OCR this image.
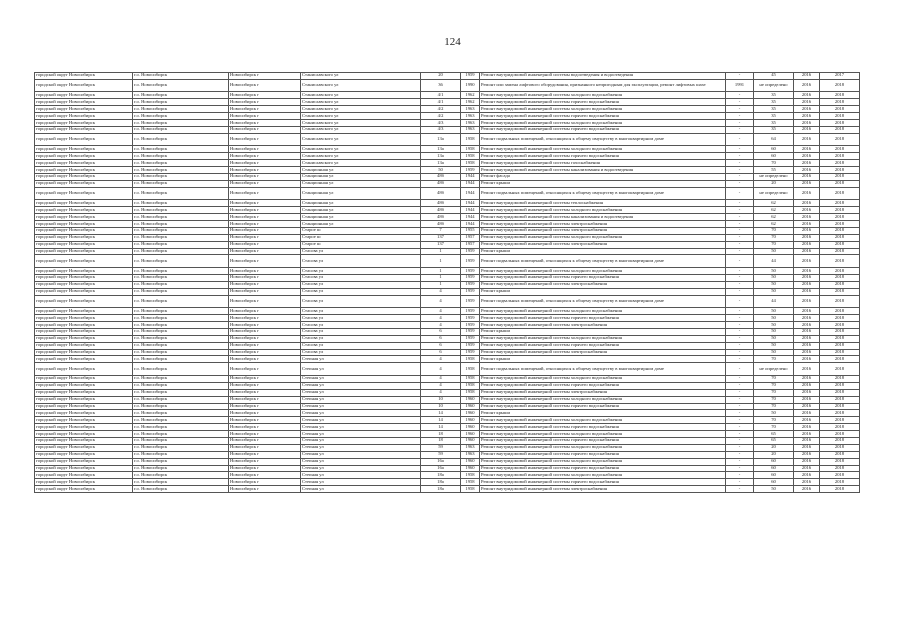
124
городской округ Новосибирск	г.о. Новосибирск	Новосибирск г	Станиславского ул	20	1959	Ремонт внутридомовой инженерной системы водоотведения и водоотведения	-	45	2016	2017
городской округ Новосибирск	г.о. Новосибирск	Новосибирск г	Станиславского ул	36	1990	Ремонт или замена лифтового оборудования, признанного непригодным для эксплуатации, ремонт лифтовых шахт	1991	не определено	2016	2018
городской округ Новосибирск	г.о. Новосибирск	Новосибирск г	Станиславского ул	4/1	1962	Ремонт внутридомовой инженерной системы холодного водоснабжения	-	35	2016	2018
городской округ Новосибирск	г.о. Новосибирск	Новосибирск г	Станиславского ул	4/1	1962	Ремонт внутридомовой инженерной системы горячего водоснабжения	-	35	2016	2018
городской округ Новосибирск	г.о. Новосибирск	Новосибирск г	Станиславского ул	4/2	1963	Ремонт внутридомовой инженерной системы холодного водоснабжения	-	35	2016	2018
городской округ Новосибирск	г.о. Новосибирск	Новосибирск г	Станиславского ул	4/2	1963	Ремонт внутридомовой инженерной системы горячего водоснабжения	-	35	2016	2018
городской округ Новосибирск	г.о. Новосибирск	Новосибирск г	Станиславского ул	4/3	1963	Ремонт внутридомовой инженерной системы холодного водоснабжения	-	35	2016	2018
городской округ Новосибирск	г.о. Новосибирск	Новосибирск г	Станиславского ул	4/3	1963	Ремонт внутридомовой инженерной системы горячего водоснабжения	-	35	2016	2018
городской округ Новосибирск	г.о. Новосибирск	Новосибирск г	Станиславского ул	13а	1958	Ремонт подвальных помещений, относящихся к общему имуществу в многоквартирном доме	-	64	2016	2018
городской округ Новосибирск	г.о. Новосибирск	Новосибирск г	Станиславского ул	13а	1958	Ремонт внутридомовой инженерной системы холодного водоснабжения	-	60	2016	2018
городской округ Новосибирск	г.о. Новосибирск	Новосибирск г	Станиславского ул	13а	1958	Ремонт внутридомовой инженерной системы горячего водоснабжения	-	60	2016	2018
городской округ Новосибирск	г.о. Новосибирск	Новосибирск г	Станиславского ул	13а	1958	Ремонт внутридомовой инженерной системы газоснабжения	-	70	2016	2018
городской округ Новосибирск	г.о. Новосибирск	Новосибирск г	Станционная ул	50	1959	Ремонт внутридомовой инженерной системы канализования и водоотведения	-	55	2016	2018
городской округ Новосибирск	г.о. Новосибирск	Новосибирск г	Станционная ул	48б	1944	Ремонт фасада	-	не определено	2016	2018
городской округ Новосибирск	г.о. Новосибирск	Новосибирск г	Станционная ул	48б	1944	Ремонт крыши	-	20	2016	2018
городской округ Новосибирск	г.о. Новосибирск	Новосибирск г	Станционная ул	48б	1944	Ремонт подвальных помещений, относящихся к общему имуществу в многоквартирном доме	-	не определено	2016	2018
городской округ Новосибирск	г.о. Новосибирск	Новосибирск г	Станционная ул	48б	1944	Ремонт внутридомовой инженерной системы теплоснабжения	-	62	2016	2018
городской округ Новосибирск	г.о. Новосибирск	Новосибирск г	Станционная ул	48б	1944	Ремонт внутридомовой инженерной системы холодного водоснабжения	-	62	2016	2018
городской округ Новосибирск	г.о. Новосибирск	Новосибирск г	Станционная ул	48б	1944	Ремонт внутридомовой инженерной системы канализования и водоотведения	-	62	2016	2018
городской округ Новосибирск	г.о. Новосибирск	Новосибирск г	Станционная ул	48б	1944	Ремонт внутридомовой инженерной системы электроснабжения	-	62	2016	2018
городской округ Новосибирск	г.о. Новосибирск	Новосибирск г	Старое ш	7	1955	Ремонт внутридомовой инженерной системы электроснабжения	-	70	2016	2018
городской округ Новосибирск	г.о. Новосибирск	Новосибирск г	Старое ш	137	1957	Ремонт внутридомовой инженерной системы холодного водоснабжения	-	70	2016	2018
городской округ Новосибирск	г.о. Новосибирск	Новосибирск г	Старое ш	137	1957	Ремонт внутридомовой инженерной системы электроснабжения	-	70	2016	2018
городской округ Новосибирск	г.о. Новосибирск	Новосибирск г	Стасова ул	1	1959	Ремонт крыши	-	50	2016	2018
городской округ Новосибирск	г.о. Новосибирск	Новосибирск г	Стасова ул	1	1959	Ремонт подвальных помещений, относящихся к общему имуществу в многоквартирном доме	-	44	2016	2018
городской округ Новосибирск	г.о. Новосибирск	Новосибирск г	Стасова ул	1	1959	Ремонт внутридомовой инженерной системы холодного водоснабжения	-	50	2016	2018
городской округ Новосибирск	г.о. Новосибирск	Новосибирск г	Стасова ул	1	1959	Ремонт внутридомовой инженерной системы горячего водоснабжения	-	50	2016	2018
городской округ Новосибирск	г.о. Новосибирск	Новосибирск г	Стасова ул	1	1959	Ремонт внутридомовой инженерной системы электроснабжения	-	50	2016	2018
городской округ Новосибирск	г.о. Новосибирск	Новосибирск г	Стасова ул	4	1959	Ремонт крыши	-	50	2016	2018
городской округ Новосибирск	г.о. Новосибирск	Новосибирск г	Стасова ул	4	1959	Ремонт подвальных помещений, относящихся к общему имуществу в многоквартирном доме	-	44	2016	2018
городской округ Новосибирск	г.о. Новосибирск	Новосибирск г	Стасова ул	4	1959	Ремонт внутридомовой инженерной системы холодного водоснабжения	-	50	2016	2018
городской округ Новосибирск	г.о. Новосибирск	Новосибирск г	Стасова ул	4	1959	Ремонт внутридомовой инженерной системы горячего водоснабжения	-	50	2016	2018
городской округ Новосибирск	г.о. Новосибирск	Новосибирск г	Стасова ул	4	1959	Ремонт внутридомовой инженерной системы электроснабжения	-	50	2016	2018
городской округ Новосибирск	г.о. Новосибирск	Новосибирск г	Стасова ул	6	1959	Ремонт крыши	-	50	2016	2018
городской округ Новосибирск	г.о. Новосибирск	Новосибирск г	Стасова ул	6	1959	Ремонт внутридомовой инженерной системы холодного водоснабжения	-	50	2016	2018
городской округ Новосибирск	г.о. Новосибирск	Новосибирск г	Стасова ул	6	1959	Ремонт внутридомовой инженерной системы горячего водоснабжения	-	50	2016	2018
городской округ Новосибирск	г.о. Новосибирск	Новосибирск г	Стасова ул	6	1959	Ремонт внутридомовой инженерной системы электроснабжения	-	50	2016	2018
городской округ Новосибирск	г.о. Новосибирск	Новосибирск г	Степная ул	4	1958	Ремонт крыши	-	70	2016	2018
городской округ Новосибирск	г.о. Новосибирск	Новосибирск г	Степная ул	4	1958	Ремонт подвальных помещений, относящихся к общему имуществу в многоквартирном доме	-	не определено	2016	2018
городской округ Новосибирск	г.о. Новосибирск	Новосибирск г	Степная ул	4	1958	Ремонт внутридомовой инженерной системы холодного водоснабжения	-	70	2016	2018
городской округ Новосибирск	г.о. Новосибирск	Новосибирск г	Степная ул	4	1958	Ремонт внутридомовой инженерной системы горячего водоснабжения	-	70	2016	2018
городской округ Новосибирск	г.о. Новосибирск	Новосибирск г	Степная ул	4	1958	Ремонт внутридомовой инженерной системы электроснабжения	-	70	2016	2018
городской округ Новосибирск	г.о. Новосибирск	Новосибирск г	Степная ул	10	1960	Ремонт внутридомовой инженерной системы холодного водоснабжения	-	70	2016	2018
городской округ Новосибирск	г.о. Новосибирск	Новосибирск г	Степная ул	10	1960	Ремонт внутридомовой инженерной системы горячего водоснабжения	-	70	2016	2018
городской округ Новосибирск	г.о. Новосибирск	Новосибирск г	Степная ул	14	1960	Ремонт крыши	-	50	2016	2018
городской округ Новосибирск	г.о. Новосибирск	Новосибирск г	Степная ул	14	1960	Ремонт внутридомовой инженерной системы холодного водоснабжения	-	70	2016	2018
городской округ Новосибирск	г.о. Новосибирск	Новосибирск г	Степная ул	14	1960	Ремонт внутридомовой инженерной системы горячего водоснабжения	-	70	2016	2018
городской округ Новосибирск	г.о. Новосибирск	Новосибирск г	Степная ул	18	1960	Ремонт внутридомовой инженерной системы холодного водоснабжения	-	65	2016	2018
городской округ Новосибирск	г.о. Новосибирск	Новосибирск г	Степная ул	18	1960	Ремонт внутридомовой инженерной системы горячего водоснабжения	-	65	2016	2018
городской округ Новосибирск	г.о. Новосибирск	Новосибирск г	Степная ул	59	1963	Ремонт внутридомовой инженерной системы холодного водоснабжения	-	20	2016	2018
городской округ Новосибирск	г.о. Новосибирск	Новосибирск г	Степная ул	59	1963	Ремонт внутридомовой инженерной системы горячего водоснабжения	-	20	2016	2018
городской округ Новосибирск	г.о. Новосибирск	Новосибирск г	Степная ул	16а	1960	Ремонт внутридомовой инженерной системы холодного водоснабжения	-	60	2016	2018
городской округ Новосибирск	г.о. Новосибирск	Новосибирск г	Степная ул	16а	1960	Ремонт внутридомовой инженерной системы горячего водоснабжения	-	60	2016	2018
городской округ Новосибирск	г.о. Новосибирск	Новосибирск г	Степная ул	18а	1958	Ремонт внутридомовой инженерной системы холодного водоснабжения	-	60	2016	2018
городской округ Новосибирск	г.о. Новосибирск	Новосибирск г	Степная ул	18а	1958	Ремонт внутридомовой инженерной системы горячего водоснабжения	-	60	2016	2018
городской округ Новосибирск	г.о. Новосибирск	Новосибирск г	Степная ул	18а	1958	Ремонт внутридомовой инженерной системы электроснабжения	-	50	2016	2018
